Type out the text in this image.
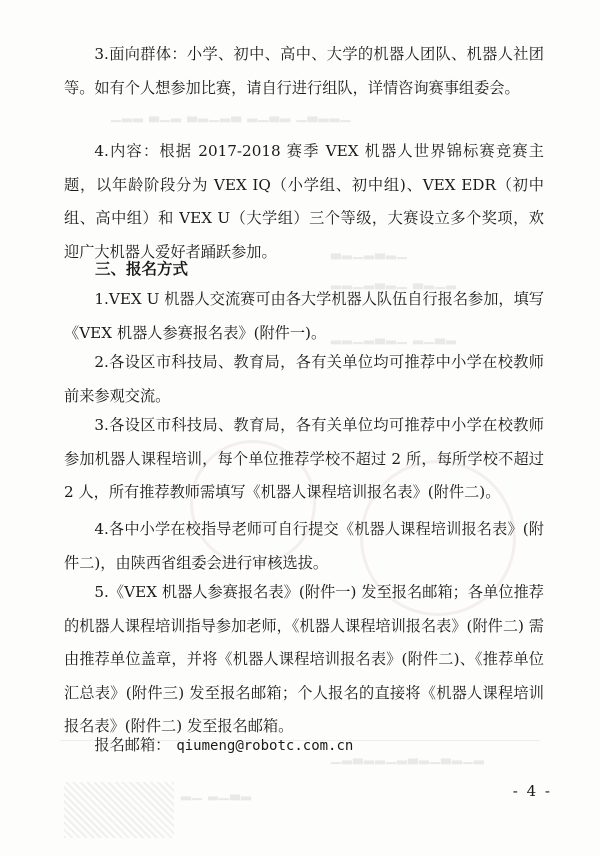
▁▂▂▃▁ ▂▃▁▂ ▃▂▁▂▃ ▂▁▃ ▂▂▁
▁▂▃▂▁▂▃
▂▁▂▃ ▁▂▃▂▁▂▂
▂▃▁▂ ▁▂▃▂▁▂▂
▂▁▂▃▁▂▃▂▁▂▂▃▂▁
▂▃▁▂ ▁▂

3.面向群体：小学、初中、高中、大学的机器人团队、机器人社团等。如有个人想参加比赛，请自行进行组队，详情咨询赛事组委会。

4.内容：根据 2017-2018 赛季 VEX 机器人世界锦标赛竞赛主题，以年龄阶段分为 VEX IQ（小学组、初中组)、VEX EDR（初中组、高中组）和 VEX U（大学组）三个等级，大赛设立多个奖项，欢迎广大机器人爱好者踊跃参加。

三、报名方式

1.VEX U 机器人交流赛可由各大学机器人队伍自行报名参加，填写《VEX 机器人参赛报名表》(附件一)。

2.各设区市科技局、教育局，各有关单位均可推荐中小学在校教师前来参观交流。

3.各设区市科技局、教育局，各有关单位均可推荐中小学在校教师参加机器人课程培训，每个单位推荐学校不超过 2 所，每所学校不超过 2 人，所有推荐教师需填写《机器人课程培训报名表》(附件二)。

4.各中小学在校指导老师可自行提交《机器人课程培训报名表》(附件二)，由陕西省组委会进行审核选拔。

5.《VEX 机器人参赛报名表》(附件一) 发至报名邮箱；各单位推荐的机器人课程培训指导参加老师，《机器人课程培训报名表》(附件二) 需由推荐单位盖章，并将《机器人课程培训报名表》(附件二)、《推荐单位汇总表》(附件三) 发至报名邮箱；个人报名的直接将《机器人课程培训报名表》(附件二) 发至报名邮箱。

报名邮箱： qiumeng@robotc.com.cn
- 4 -
